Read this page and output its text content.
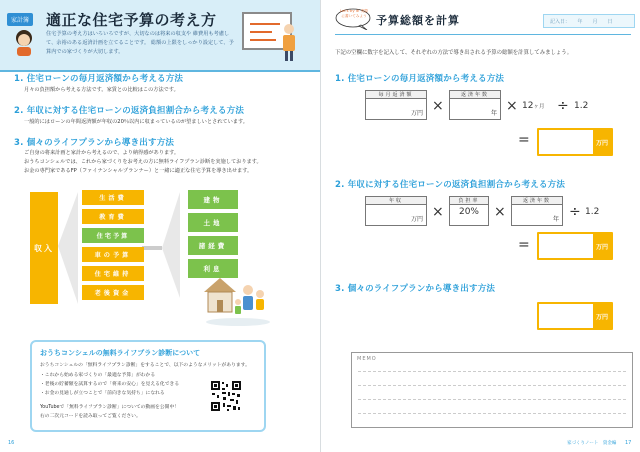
家計簿 適正な住宅予算の考え方
住宅予算の考え方はいろいろですが、大切なのは将来の収支や 維費用も考慮して、余裕のある返済計画を立てることです。 総額の上限をしっかり設定して、予算内での家づくりが大切します。
1. 住宅ローンの毎月返済額から考える方法
月々の負担額から考える方法です。家賃との比較はこの方法です。
2. 年収に対する住宅ローンの返済負担割合から考える方法
一般的にはローンの年間返済額が年収の20％以内に収まっているのが望ましいとされています。
3. 個々のライフプランから導き出す方法
ご自身の将来計画と家計から考えるので、より納得感があります。
おうちコンシェルでは、これから家づくりをお考えの方に無料ライフプラン診断を実施しております。
お金の専門家であるFP（ファイナンシャルプランナー）と一緒に適正な住宅予算を導き出せます。
収入
生活費
教育費
住宅予算
車の予算
住宅維持
老後資金
建物
土地
諸経費
利息
おうちコンシェルの無料ライフプラン診断について
おうちコンシェルの「無料ライフプラン診断」をすることで、以下のようなメリットがあります。
・これから始める家づくりの「最適な予算」がわかる
・老後の貯蓄額を試算するので「将来の安心」を見える化できる
・お金の見通しが立つことで「前向きな気持ち」になれる
YouTubeで「無料ライフプラン診断」についての動画を公開中！
右の二次元コードを読み取ってご覧ください。
16
Let's try it! 実際に書いてみよう 予算総額を計算	記入日：　　年　　月　　日
下記の空欄に数字を記入して、それぞれの方法で導き出される予算の総額を計算してみましょう。
1. 住宅ローンの毎月返済額から考える方法
毎月返済額
万円 ×
返済年数
年 × 12ヶ月 ÷ 1.2
=	万円
2. 年収に対する住宅ローンの返済負担割合から考える方法
年収
万円 ×
負担率
20%	×
返済年数
年 ÷ 1.2
=	万円
3. 個々のライフプランから導き出す方法
万円
MEMO
家づくりノート　資金編 17
